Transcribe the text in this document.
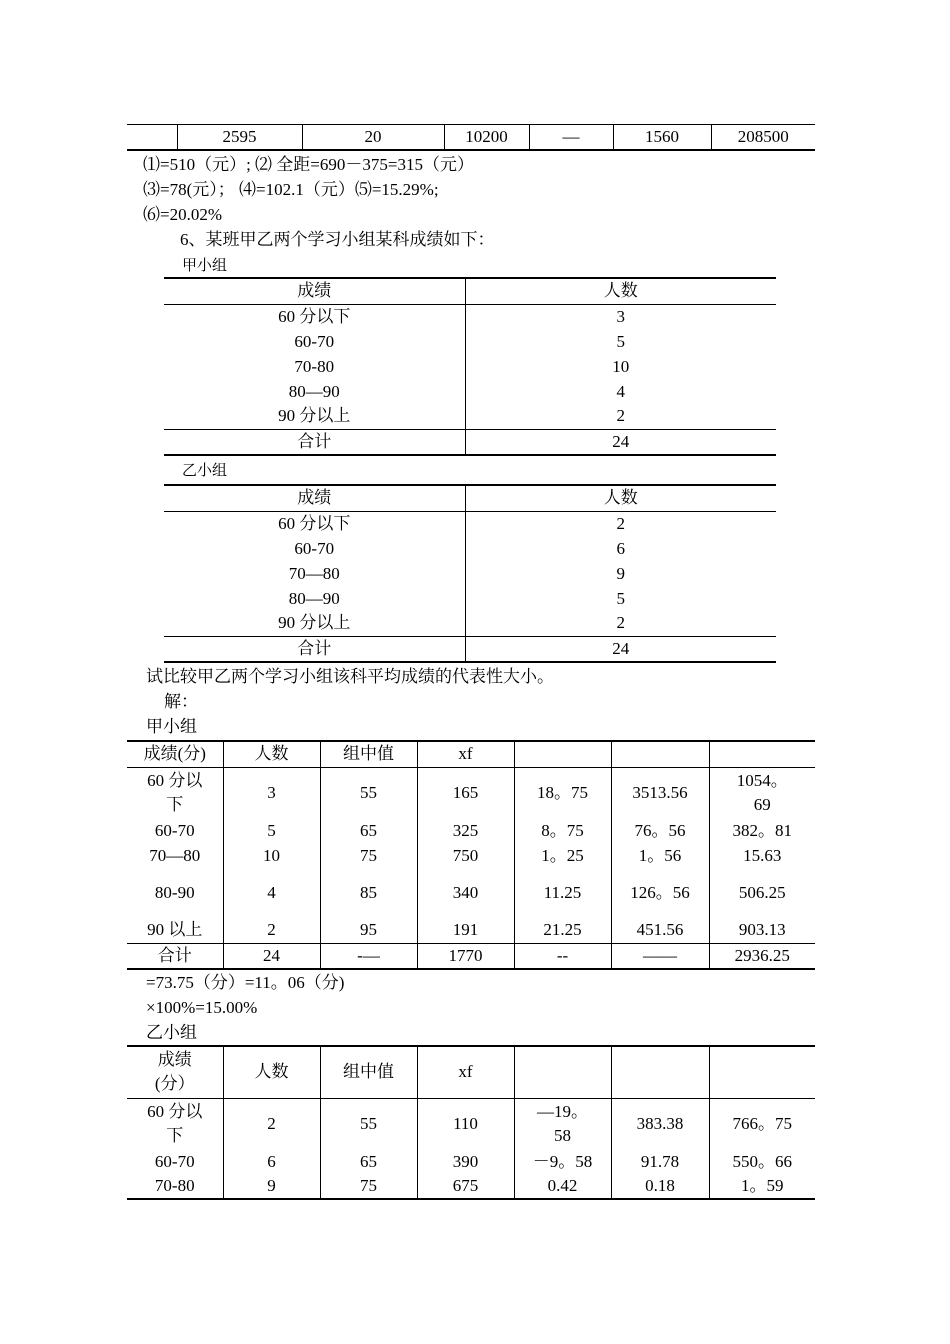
	2595	20	10200	—	1560	208500
⑴=510（元）; ⑵ 全距=690－375=315（元）
⑶=78(元）； ⑷=102.1（元）⑸=15.29%;
⑹=20.02%
6、某班甲乙两个学习小组某科成绩如下：
甲小组
成绩	人数
60 分以下	3
60-70	5
70-80	10
80—90	4
90 分以上	2
合计	24
乙小组
成绩	人数
60 分以下	2
60-70	6
70—80	9
80—90	5
90 分以上	2
合计	24
试比较甲乙两个学习小组该科平均成绩的代表性大小。
解：
甲小组
成绩(分)	人数	组中值	xf			
60 分以下	3	55	165	18。75	3513.56	1054。69
60-70	5	65	325	8。75	76。56	382。81
70—80	10	75	750	1。25	1。56	15.63
80-90	4	85	340	11.25	126。56	506.25
90 以上	2	95	191	21.25	451.56	903.13
合计	24	-—	1770	--	——	2936.25
=73.75（分）=11。06（分)
×100%=15.00%
乙小组
成绩(分）	人数	组中值	xf			
60 分以下	2	55	110	—19。58	383.38	766。75
60-70	6	65	390	－9。58	91.78	550。66
70-80	9	75	675	0.42	0.18	1。59
